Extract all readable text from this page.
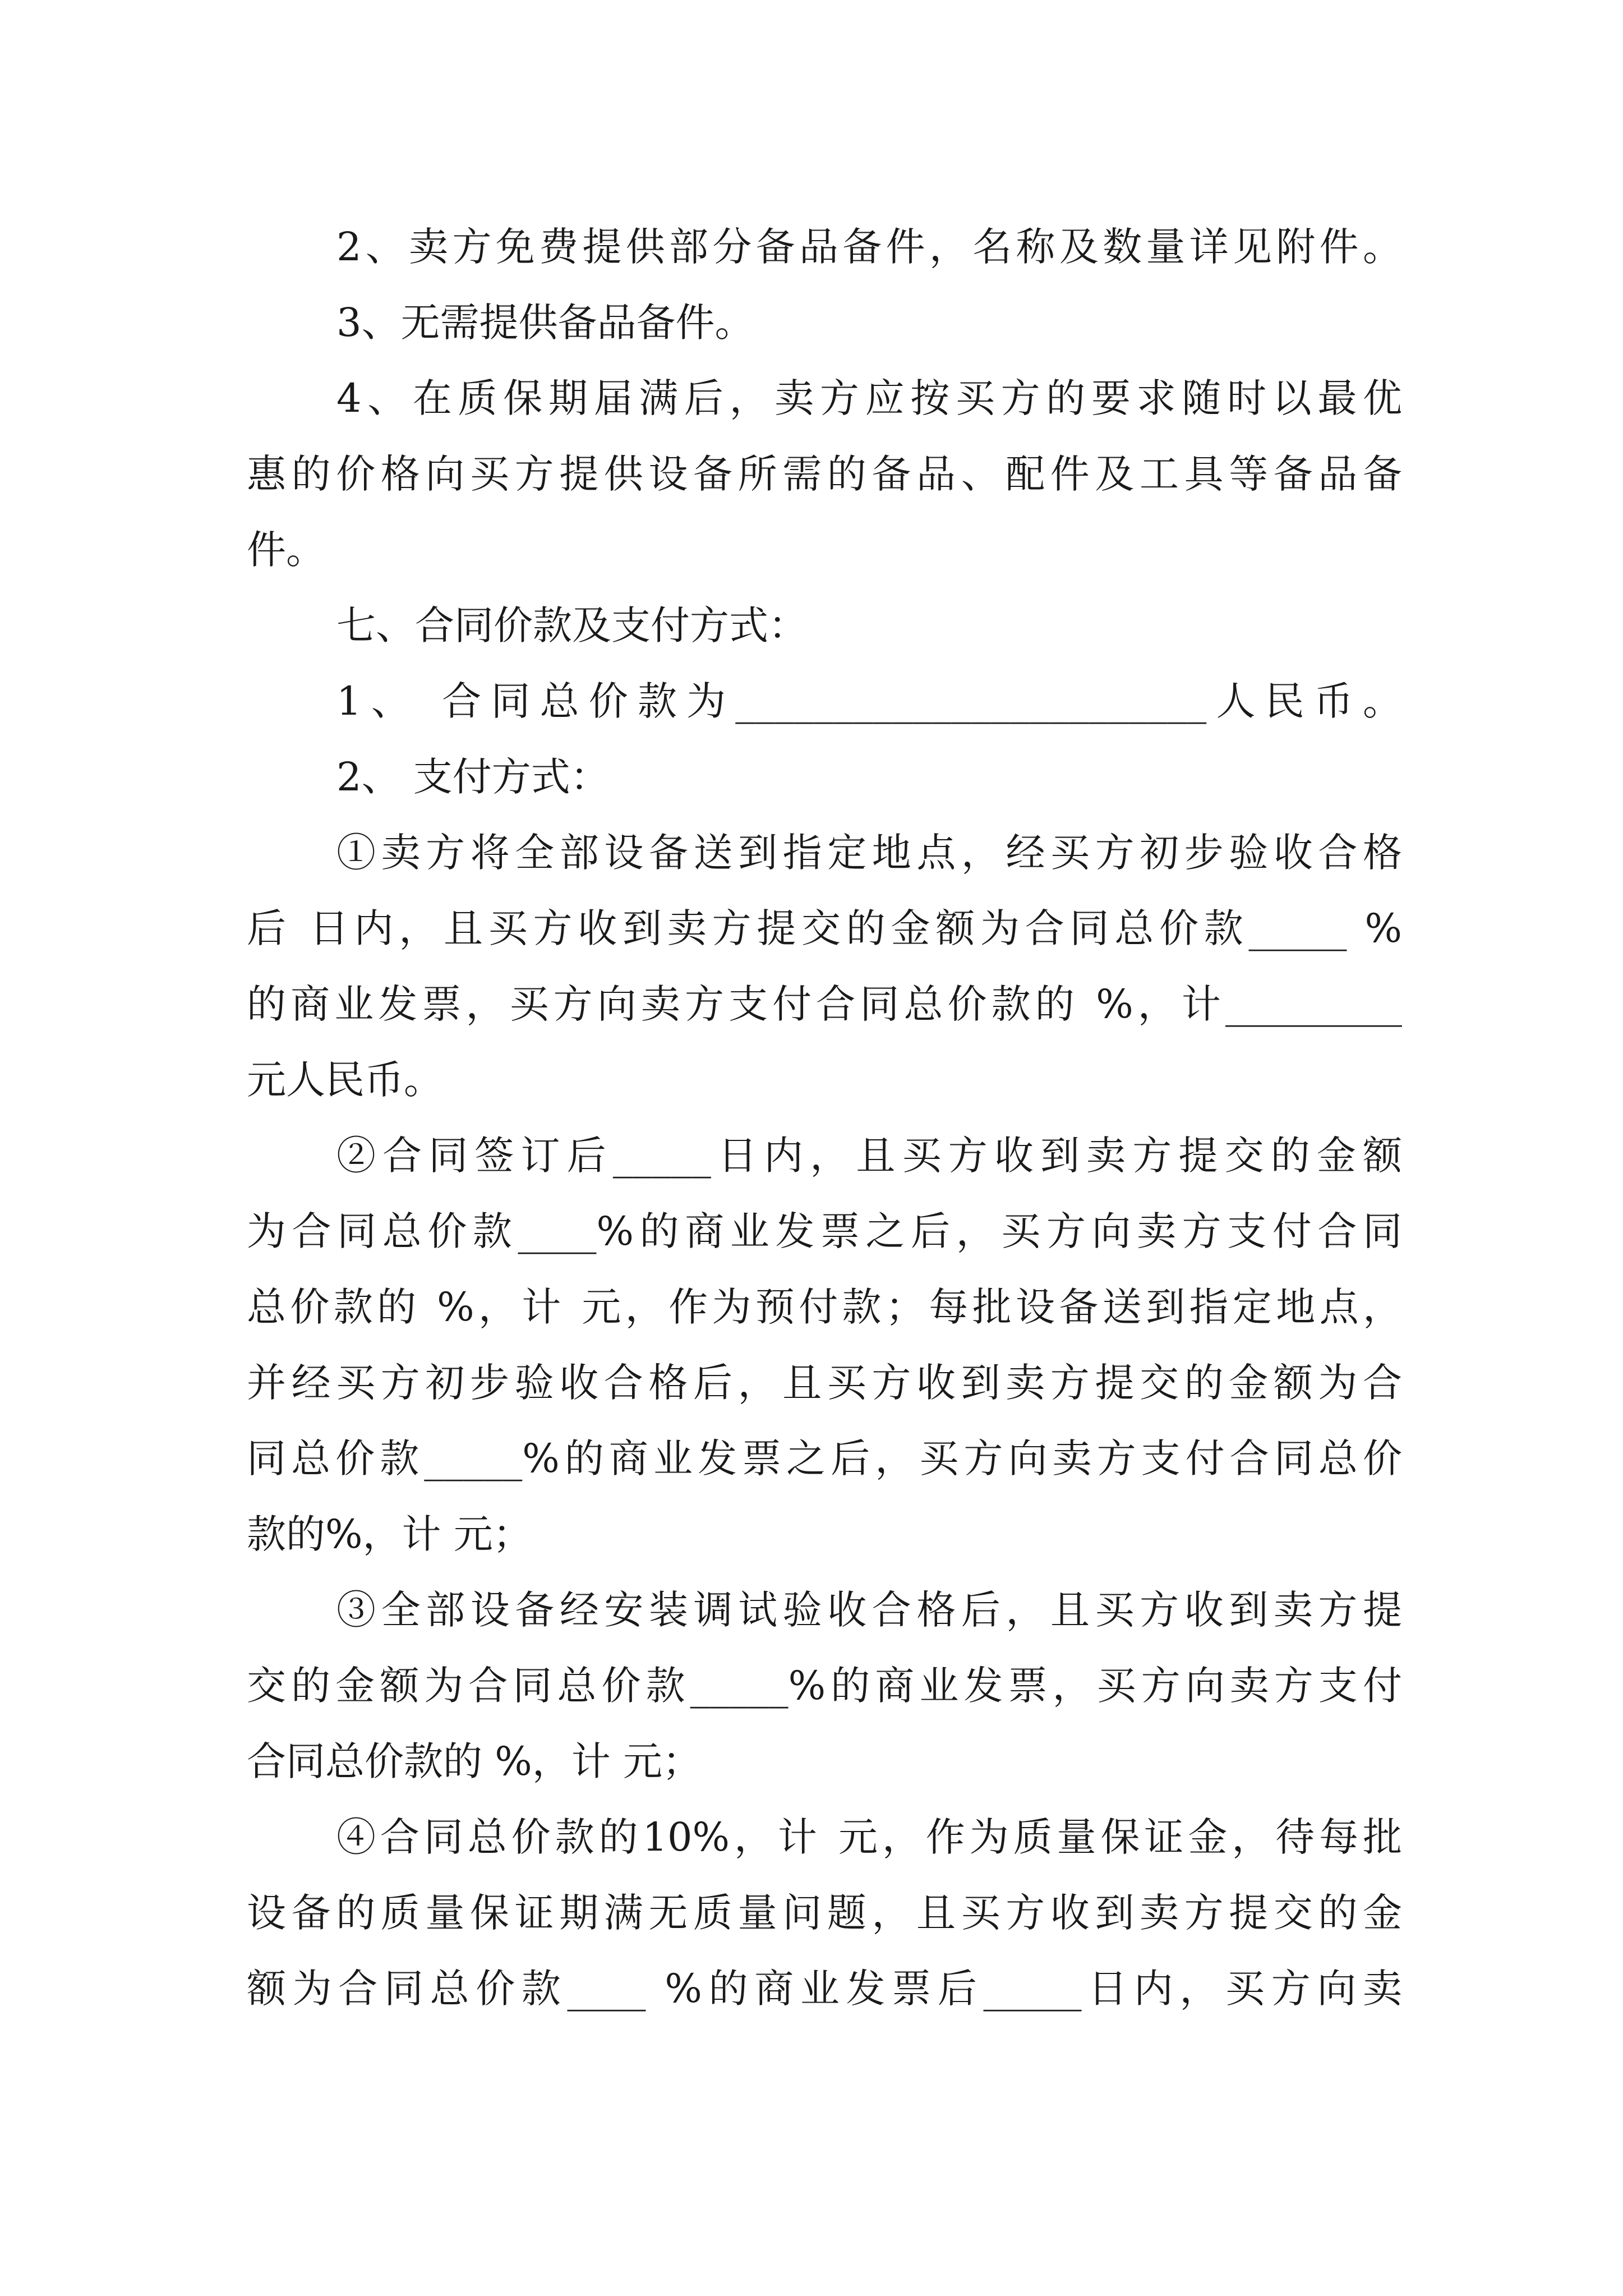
2、卖方免费提供部分备品备件，名称及数量详见附件。
3、无需提供备品备件。
4、在质保期届满后，卖方应按买方的要求随时以最优
惠的价格向买方提供设备所需的备品、配件及工具等备品备
件。
七、合同价款及支付方式：
1、 合同总价款为________________________人民币。
2、 支付方式：
①卖方将全部设备送到指定地点，经买方初步验收合格
后 日内，且买方收到卖方提交的金额为合同总价款_____ %
的商业发票，买方向卖方支付合同总价款的 %，计_________
元人民币。
②合同签订后_____日内，且买方收到卖方提交的金额
为合同总价款____%的商业发票之后，买方向卖方支付合同
总价款的 %，计 元，作为预付款；每批设备送到指定地点，
并经买方初步验收合格后，且买方收到卖方提交的金额为合
同总价款_____%的商业发票之后，买方向卖方支付合同总价
款的%，计 元；
③全部设备经安装调试验收合格后，且买方收到卖方提
交的金额为合同总价款_____%的商业发票，买方向卖方支付
合同总价款的 %，计 元；
④合同总价款的10%，计 元，作为质量保证金，待每批
设备的质量保证期满无质量问题，且买方收到卖方提交的金
额为合同总价款____ %的商业发票后_____日内，买方向卖
